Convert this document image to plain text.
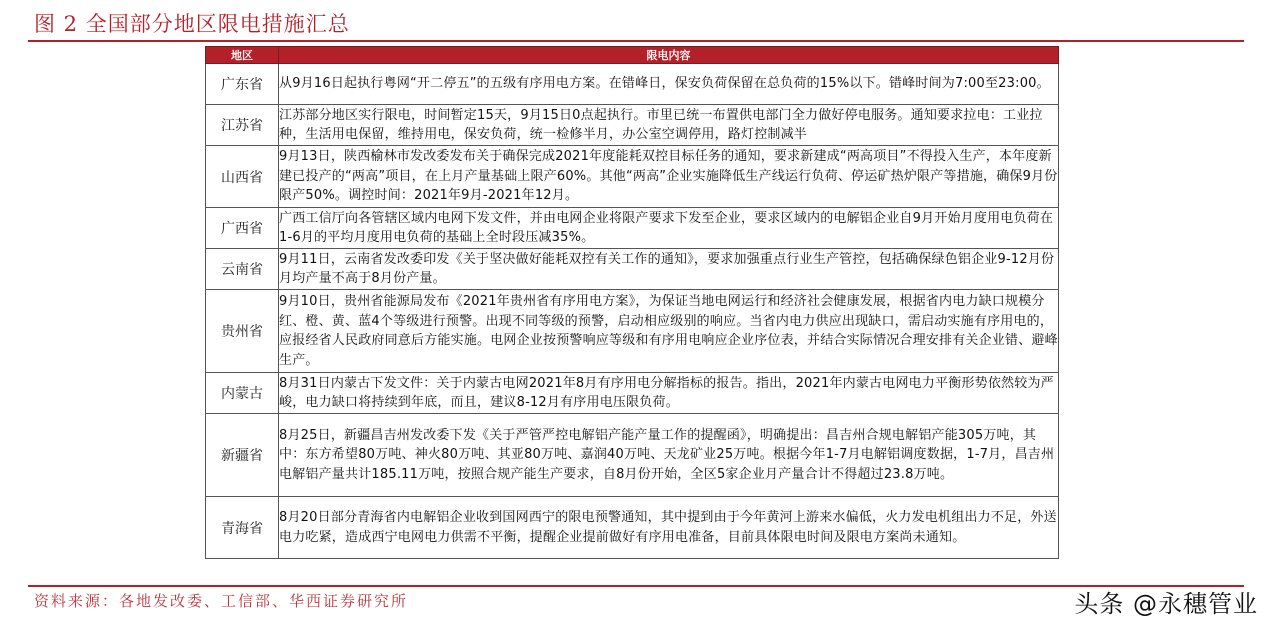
图 2 全国部分地区限电措施汇总
地区	限电内容
广东省	从9月16日起执行粤网“开二停五”的五级有序用电方案。在错峰日，保安负荷保留在总负荷的15%以下。错峰时间为7:00至23:00。
江苏省	江苏部分地区实行限电，时间暂定15天，9月15日0点起执行。市里已统一布置供电部门全力做好停电服务。通知要求拉电：工业拉种，生活用电保留，维持用电，保安负荷，统一检修半月，办公室空调停用，路灯控制减半
山西省	9月13日，陕西榆林市发改委发布关于确保完成2021年度能耗双控目标任务的通知，要求新建成“两高项目”不得投入生产，本年度新建已投产的“两高”项目，在上月产量基础上限产60%。其他“两高”企业实施降低生产线运行负荷、停运矿热炉限产等措施，确保9月份限产50%。调控时间：2021年9月-2021年12月。
广西省	广西工信厅向各管辖区域内电网下发文件，并由电网企业将限产要求下发至企业，要求区域内的电解铝企业自9月开始月度用电负荷在1-6月的平均月度用电负荷的基础上全时段压减35%。
云南省	9月11日，云南省发改委印发《关于坚决做好能耗双控有关工作的通知》，要求加强重点行业生产管控，包括确保绿色铝企业9-12月份月均产量不高于8月份产量。
贵州省	9月10日，贵州省能源局发布《2021年贵州省有序用电方案》，为保证当地电网运行和经济社会健康发展，根据省内电力缺口规模分红、橙、黄、蓝4个等级进行预警。出现不同等级的预警，启动相应级别的响应。当省内电力供应出现缺口，需启动实施有序用电的，应报经省人民政府同意后方能实施。电网企业按预警响应等级和有序用电响应企业序位表，并结合实际情况合理安排有关企业错、避峰生产。
内蒙古	8月31日内蒙古下发文件：关于内蒙古电网2021年8月有序用电分解指标的报告。指出，2021年内蒙古电网电力平衡形势依然较为严峻，电力缺口将持续到年底，而且，建议8-12月有序用电压限负荷。
新疆省	8月25日，新疆昌吉州发改委下发《关于严管严控电解铝产能产量工作的提醒函》，明确提出：昌吉州合规电解铝产能305万吨，其中：东方希望80万吨、神火80万吨、其亚80万吨、嘉润40万吨、天龙矿业25万吨。根据今年1-7月电解铝调度数据，1-7月，昌吉州电解铝产量共计185.11万吨，按照合规产能生产要求，自8月份开始，全区5家企业月产量合计不得超过23.8万吨。
青海省	8月20日部分青海省内电解铝企业收到国网西宁的限电预警通知，其中提到由于今年黄河上游来水偏低，火力发电机组出力不足，外送电力吃紧，造成西宁电网电力供需不平衡，提醒企业提前做好有序用电准备，目前具体限电时间及限电方案尚未通知。
资料来源：各地发改委、工信部、华西证券研究所	头条 @永穗管业
